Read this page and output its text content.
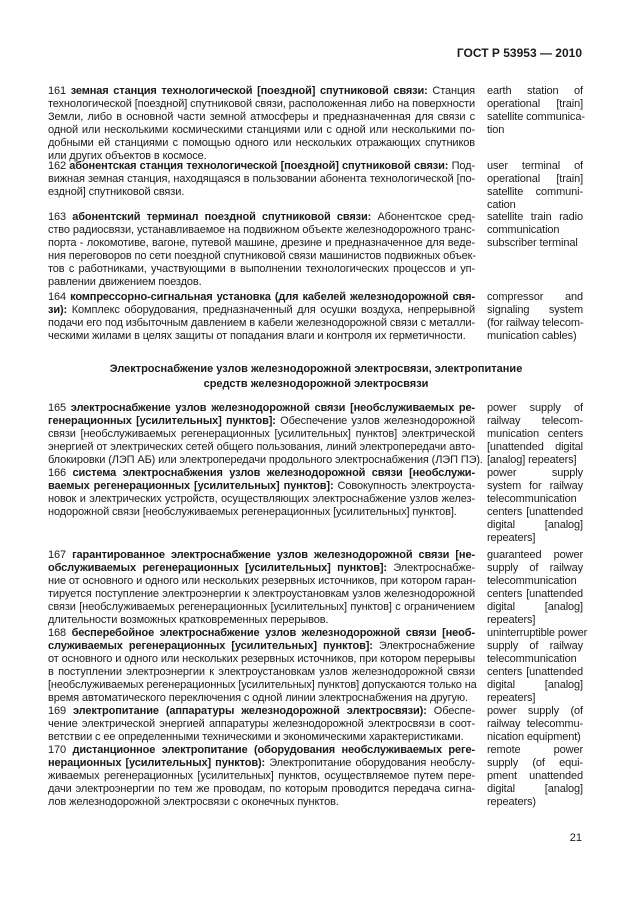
ГОСТ Р 53953 — 2010
Электроснабжение узлов железнодорожной электросвязи, электропитание
средств железнодорожной электросвязи
161 земная станция технологической [поездной] спутниковой связи: Станция
технологической [поездной] спутниковой связи, расположенная либо на поверхности
Земли, либо в основной части земной атмосферы и предназначенная для связи с
одной или несколькими космическими станциями или с одной или несколькими по-
добными ей станциями с помощью одного или нескольких отражающих спутников
или других объектов в космосе.
earth station of
operational [train]
satellite communica-
tion
162 абонентская станция технологической [поездной] спутниковой связи: Под-
вижная земная станция, находящаяся в пользовании абонента технологической [по-
ездной] спутниковой связи.
user terminal of
operational [train]
satellite communi-
cation
163 абонентский терминал поездной спутниковой связи: Абонентское сред-
ство радиосвязи, устанавливаемое на подвижном объекте железнодорожного транс-
порта - локомотиве, вагоне, путевой машине, дрезине и предназначенное для веде-
ния переговоров по сети поездной спутниковой связи машинистов подвижных объек-
тов с работниками, участвующими в выполнении технологических процессов и уп-
равлении движением поездов.
satellite train radio
communication
subscriber terminal
164 компрессорно-сигнальная установка (для кабелей железнодорожной свя-
зи): Комплекс оборудования, предназначенный для осушки воздуха, непрерывной
подачи его под избыточным давлением в кабели железнодорожной связи с металли-
ческими жилами в целях защиты от попадания влаги и контроля их герметичности.
compressor and
signaling system
(for railway telecom-
munication cables)
165 электроснабжение узлов железнодорожной связи [необслуживаемых ре-
генерационных [усилительных] пунктов]: Обеспечение узлов железнодорожной
связи [необслуживаемых регенерационных [усилительных] пунктов] электрической
энергией от электрических сетей общего пользования, линий электропередачи авто-
блокировки (ЛЭП АБ) или электропередачи продольного электроснабжения (ЛЭП ПЭ).
power supply of
railway telecom-
munication centers
[unattended digital
[analog] repeaters]
166 система электроснабжения узлов железнодорожной связи [необслужи-
ваемых регенерационных [усилительных] пунктов]: Совокупность электроуста-
новок и электрических устройств, осуществляющих электроснабжение узлов желез-
нодорожной связи [необслуживаемых регенерационных [усилительных] пунктов].
power supply
system for railway
telecommunication
centers [unattended
digital [analog]
repeaters]
167 гарантированное электроснабжение узлов железнодорожной связи [не-
обслуживаемых регенерационных [усилительных] пунктов]: Электроснабже-
ние от основного и одного или нескольких резервных источников, при котором гаран-
тируется поступление электроэнергии к электроустановкам узлов железнодорожной
связи [необслуживаемых регенерационных [усилительных] пунктов] с ограничением
длительности возможных кратковременных перерывов.
guaranteed power
supply of railway
telecommunication
centers [unattended
digital [analog]
repeaters]
168 бесперебойное электроснабжение узлов железнодорожной связи [необ-
служиваемых регенерационных [усилительных] пунктов]: Электроснабжение
от основного и одного или нескольких резервных источников, при котором перерывы
в поступлении электроэнергии к электроустановкам узлов железнодорожной связи
[необслуживаемых регенерационных [усилительных] пунктов] допускаются только на
время автоматического переключения с одной линии электроснабжения на другую.
uninterruptible power
supply of railway
telecommunication
centers [unattended
digital [analog]
repeaters]
169 электропитание (аппаратуры железнодорожной электросвязи): Обеспе-
чение электрической энергией аппаратуры железнодорожной электросвязи в соот-
ветствии с ее определенными техническими и экономическими характеристиками.
power supply (of
railway telecommu-
nication equipment)
170 дистанционное электропитание (оборудования необслуживаемых реге-
нерационных [усилительных] пунктов): Электропитание оборудования необслу-
живаемых регенерационных [усилительных] пунктов, осуществляемое путем пере-
дачи электроэнергии по тем же проводам, по которым проводится передача сигна-
лов железнодорожной электросвязи с оконечных пунктов.
remote power
supply (of equi-
pment unattended
digital [analog]
repeaters)
21
